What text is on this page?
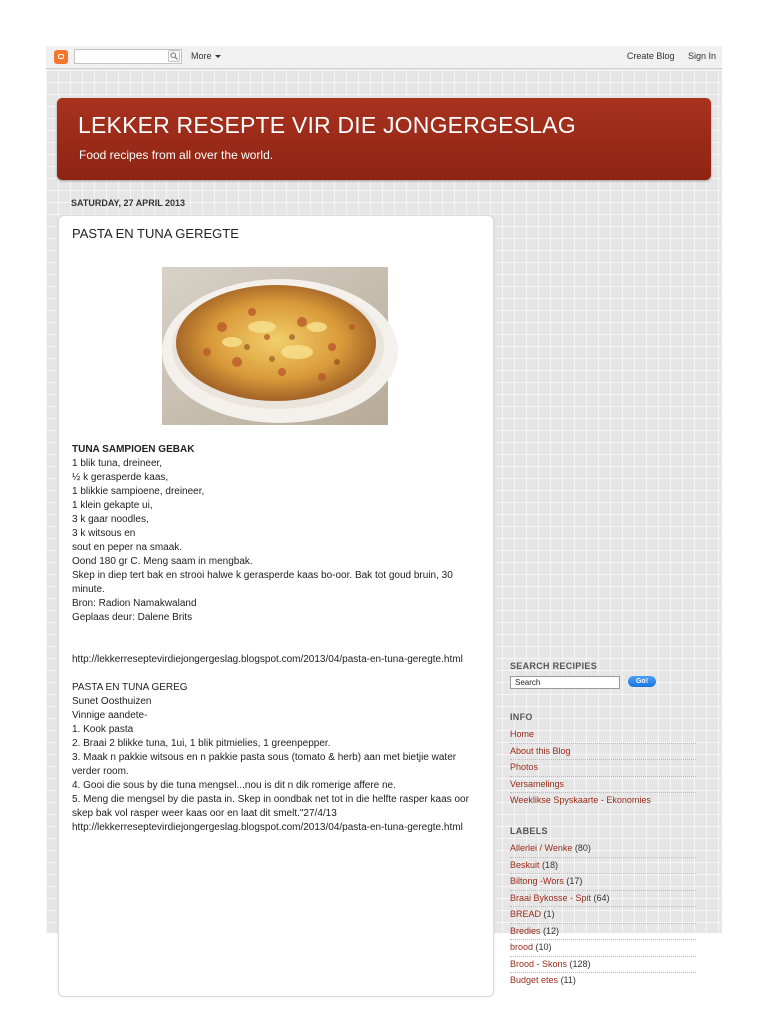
More	Create Blog Sign In
LEKKER RESEPTE VIR DIE JONGERGESLAG
Food recipes from all over the world.
SATURDAY, 27 APRIL 2013
PASTA EN TUNA GEREGTE
TUNA SAMPIOEN GEBAK
1 blik tuna, dreineer,
½ k gerasperde kaas,
1 blikkie sampioene, dreineer,
1 klein gekapte ui,
3 k gaar noodles,
3 k witsous en
sout en peper na smaak.
Oond 180 gr C. Meng saam in mengbak.
Skep in diep tert bak en strooi halwe k gerasperde kaas bo-oor. Bak tot goud bruin, 30 minute.
Bron: Radion Namakwaland
Geplaas deur: Dalene Brits
http://lekkerreseptevirdiejongergeslag.blogspot.com/2013/04/pasta-en-tuna-geregte.html
PASTA EN TUNA GEREG
Sunet Oosthuizen
Vinnige aandete-
1. Kook pasta
2. Braai 2 blikke tuna, 1ui, 1 blik pitmielies, 1 greenpepper.
3. Maak n pakkie witsous en n pakkie pasta sous (tomato & herb) aan met bietjie water verder room.
4. Gooi die sous by die tuna mengsel...nou is dit n dik romerige affere ne.
5. Meng die mengsel by die pasta in. Skep in oondbak net tot in die helfte rasper kaas oor skep bak vol rasper weer kaas oor en laat dit smelt."27/4/13
http://lekkerreseptevirdiejongergeslag.blogspot.com/2013/04/pasta-en-tuna-geregte.html
SEARCH RECIPIES
Search
Go!
INFO
Home
About this Blog
Photos
Versamelings
Weeklikse Spyskaarte - Ekonomies
LABELS
Allerlei / Wenke (80)
Beskuit (18)
Biltong -Wors (17)
Braai Bykosse - Spit (64)
BREAD (1)
Bredies (12)
brood (10)
Brood - Skons (128)
Budget etes (11)
